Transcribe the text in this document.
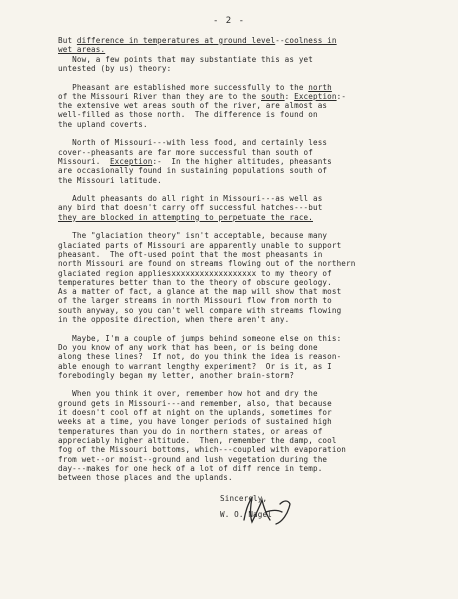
- 2 -
But difference in temperatures at ground level--coolness in
wet areas.
Now, a few points that may substantiate this as yet
untested (by us) theory:
Pheasant are established more successfully to the north
of the Missouri River than they are to the south: Exception:-
the extensive wet areas south of the river, are almost as
well-filled as those north.  The difference is found on
the upland coverts.
North of Missouri---with less food, and certainly less
cover--pheasants are far more successful than south of
Missouri.  Exception:-  In the higher altitudes, pheasants
are occasionally found in sustaining populations south of
the Missouri latitude.
Adult pheasants do all right in Missouri---as well as
any bird that doesn't carry off successful hatches---but
they are blocked in attempting to perpetuate the race.
The "glaciation theory" isn't acceptable, because many
glaciated parts of Missouri are apparently unable to support
pheasant.  The oft-used point that the most pheasants in
north Missouri are found on streams flowing out of the northern
glaciated region appliesxxxxxxxxxxxxxxxxxx to my theory of
temperatures better than to the theory of obscure geology.
As a matter of fact, a glance at the map will show that most
of the larger streams in north Missouri flow from north to
south anyway, so you can't well compare with streams flowing
in the opposite direction, when there aren't any.
Maybe, I'm a couple of jumps behind someone else on this:
Do you know of any work that has been, or is being done
along these lines?  If not, do you think the idea is reason-
able enough to warrant lengthy experiment?  Or is it, as I
forebodingly began my letter, another brain-storm?
When you think it over, remember how hot and dry the
ground gets in Missouri---and remember, also, that because
it doesn't cool off at night on the uplands, sometimes for
weeks at a time, you have longer periods of sustained high
temperatures than you do in northern states, or areas of
appreciably higher altitude.  Then, remember the damp, cool
fog of the Missouri bottoms, which---coupled with evaporation
from wet--or moist--ground and lush vegetation during the
day---makes for one heck of a lot of diff rence in temp.
between those places and the uplands.
Sincerely,
W. O. Nagel
